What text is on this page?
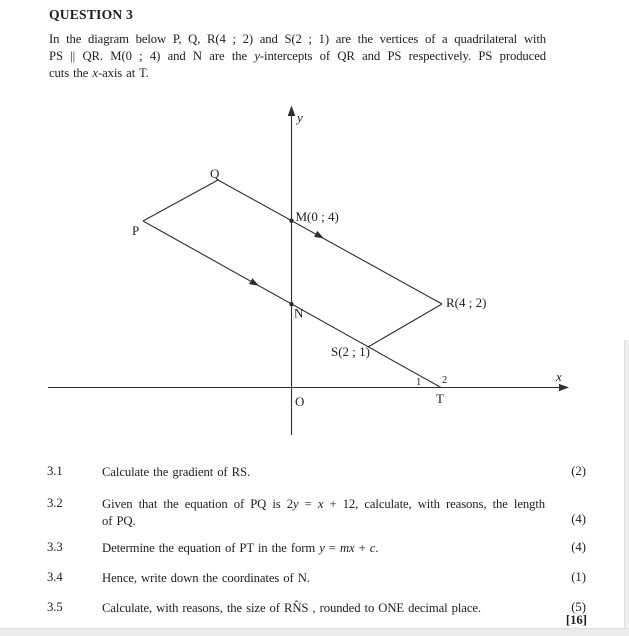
QUESTION 3
In the diagram below P, Q, R(4 ; 2) and S(2 ; 1) are the vertices of a quadrilateral with
PS || QR. M(0 ; 4) and N are the y-intercepts of QR and PS respectively. PS produced
cuts the x-axis at T.
y
x
O
P
Q
M(0 ; 4)
N
R(4 ; 2)
S(2 ; 1)
T
1 2
3.1	Calculate the gradient of RS.	(2)
3.2	Given that the equation of PQ is 2y = x + 12, calculate, with reasons, the length
of PQ.	(4)
3.3	Determine the equation of PT in the form y = mx + c.	(4)
3.4	Hence, write down the coordinates of N.	(1)
3.5	Calculate, with reasons, the size of RN̂S , rounded to ONE decimal place.	(5)
[16]
